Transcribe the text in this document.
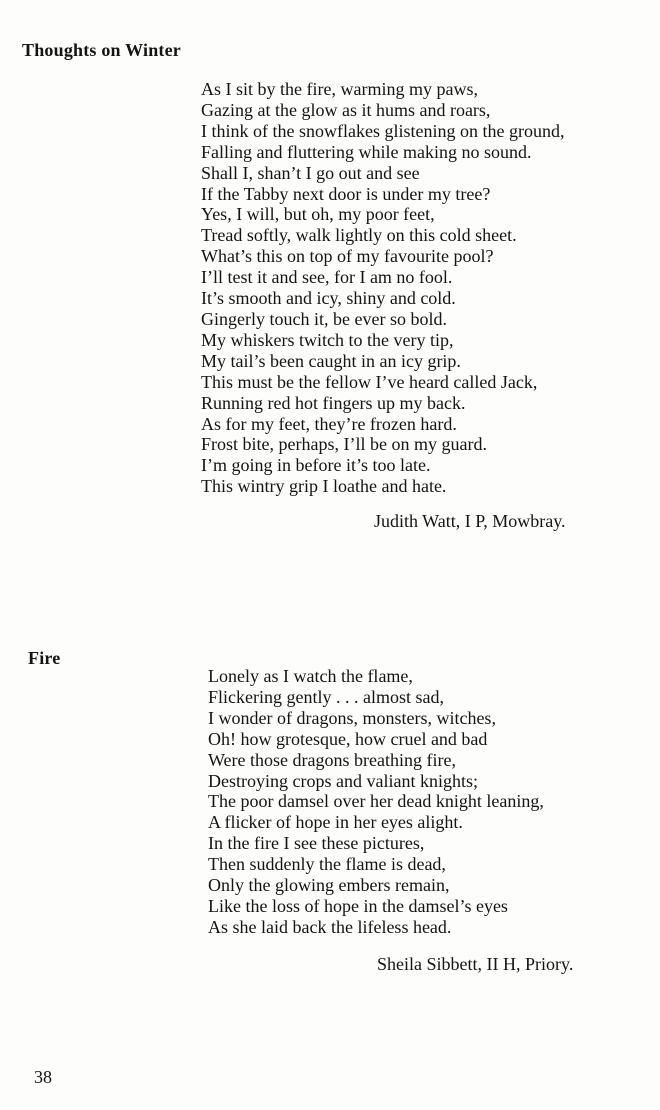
Thoughts on Winter
As I sit by the fire, warming my paws,
Gazing at the glow as it hums and roars,
I think of the snowflakes glistening on the ground,
Falling and fluttering while making no sound.
Shall I, shan’t I go out and see
If the Tabby next door is under my tree?
Yes, I will, but oh, my poor feet,
Tread softly, walk lightly on this cold sheet.
What’s this on top of my favourite pool?
I’ll test it and see, for I am no fool.
It’s smooth and icy, shiny and cold.
Gingerly touch it, be ever so bold.
My whiskers twitch to the very tip,
My tail’s been caught in an icy grip.
This must be the fellow I’ve heard called Jack,
Running red hot fingers up my back.
As for my feet, they’re frozen hard.
Frost bite, perhaps, I’ll be on my guard.
I’m going in before it’s too late.
This wintry grip I loathe and hate.

Judith Watt, I P, Mowbray.

Fire
Lonely as I watch the flame,
Flickering gently . . . almost sad,
I wonder of dragons, monsters, witches,
Oh! how grotesque, how cruel and bad
Were those dragons breathing fire,
Destroying crops and valiant knights;
The poor damsel over her dead knight leaning,
A flicker of hope in her eyes alight.
In the fire I see these pictures,
Then suddenly the flame is dead,
Only the glowing embers remain,
Like the loss of hope in the damsel’s eyes
As she laid back the lifeless head.

Sheila Sibbett, II H, Priory.

38
